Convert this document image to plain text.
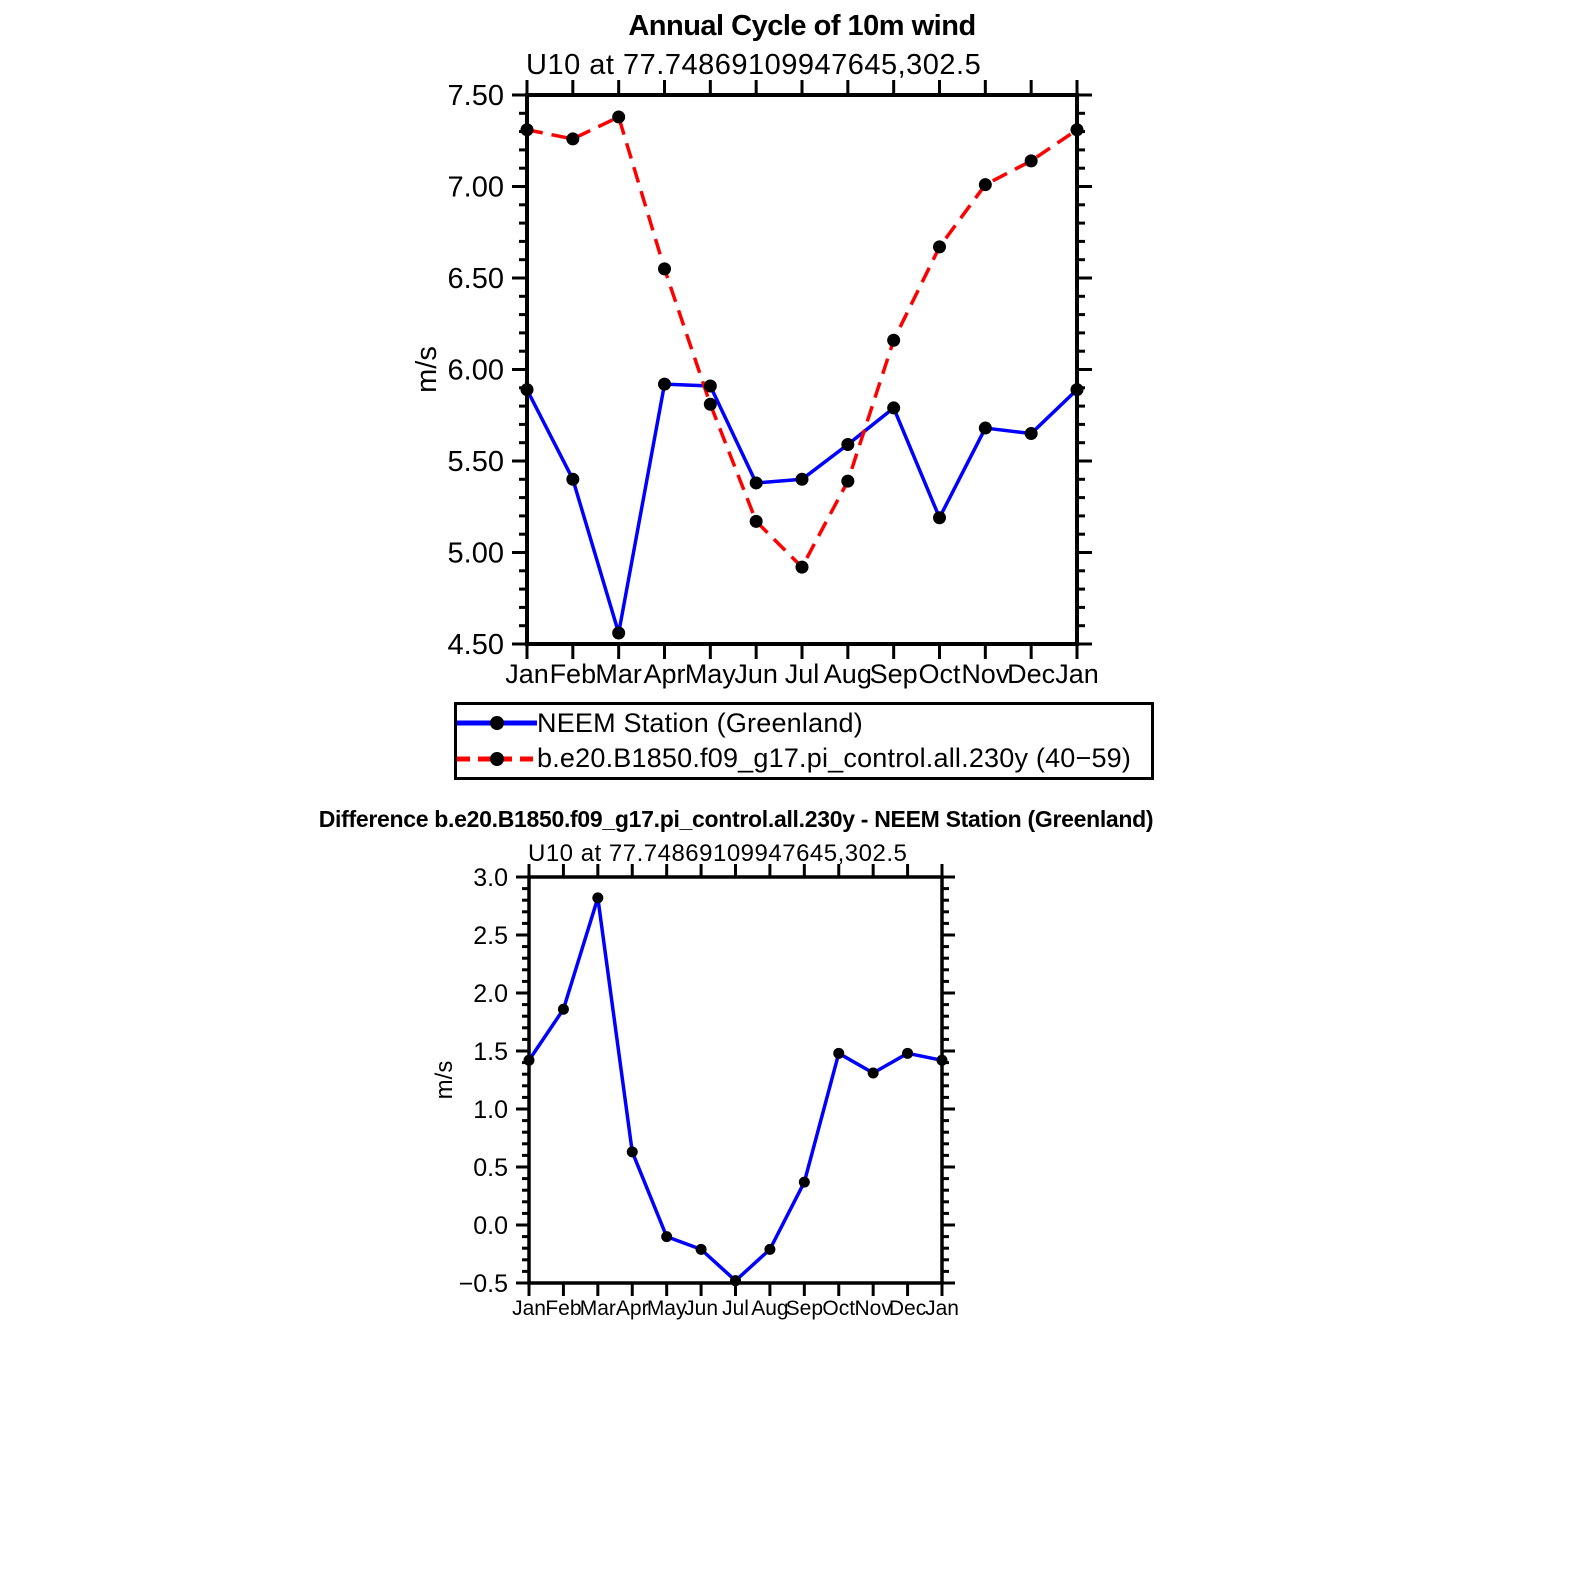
4.50
5.00
5.50
6.00
6.50
7.00
7.50
Jan Feb Mar Apr May
Jun Jul Aug
Sep Oct Nov
Dec Jan
m/s
−0.5
0.0
0.5
1.0
1.5
2.0
2.5
3.0
Jan Feb
Mar Apr
May
Jun Jul Aug
Sep Oct Nov
Dec
Jan
m/s
Annual Cycle of 10m wind
U10 at 77.74869109947645,302.5
NEEM Station (Greenland)
b.e20.B1850.f09_g17.pi_control.all.230y (40−59)
Difference b.e20.B1850.f09_g17.pi_control.all.230y - NEEM Station (Greenland)
U10 at 77.74869109947645,302.5
